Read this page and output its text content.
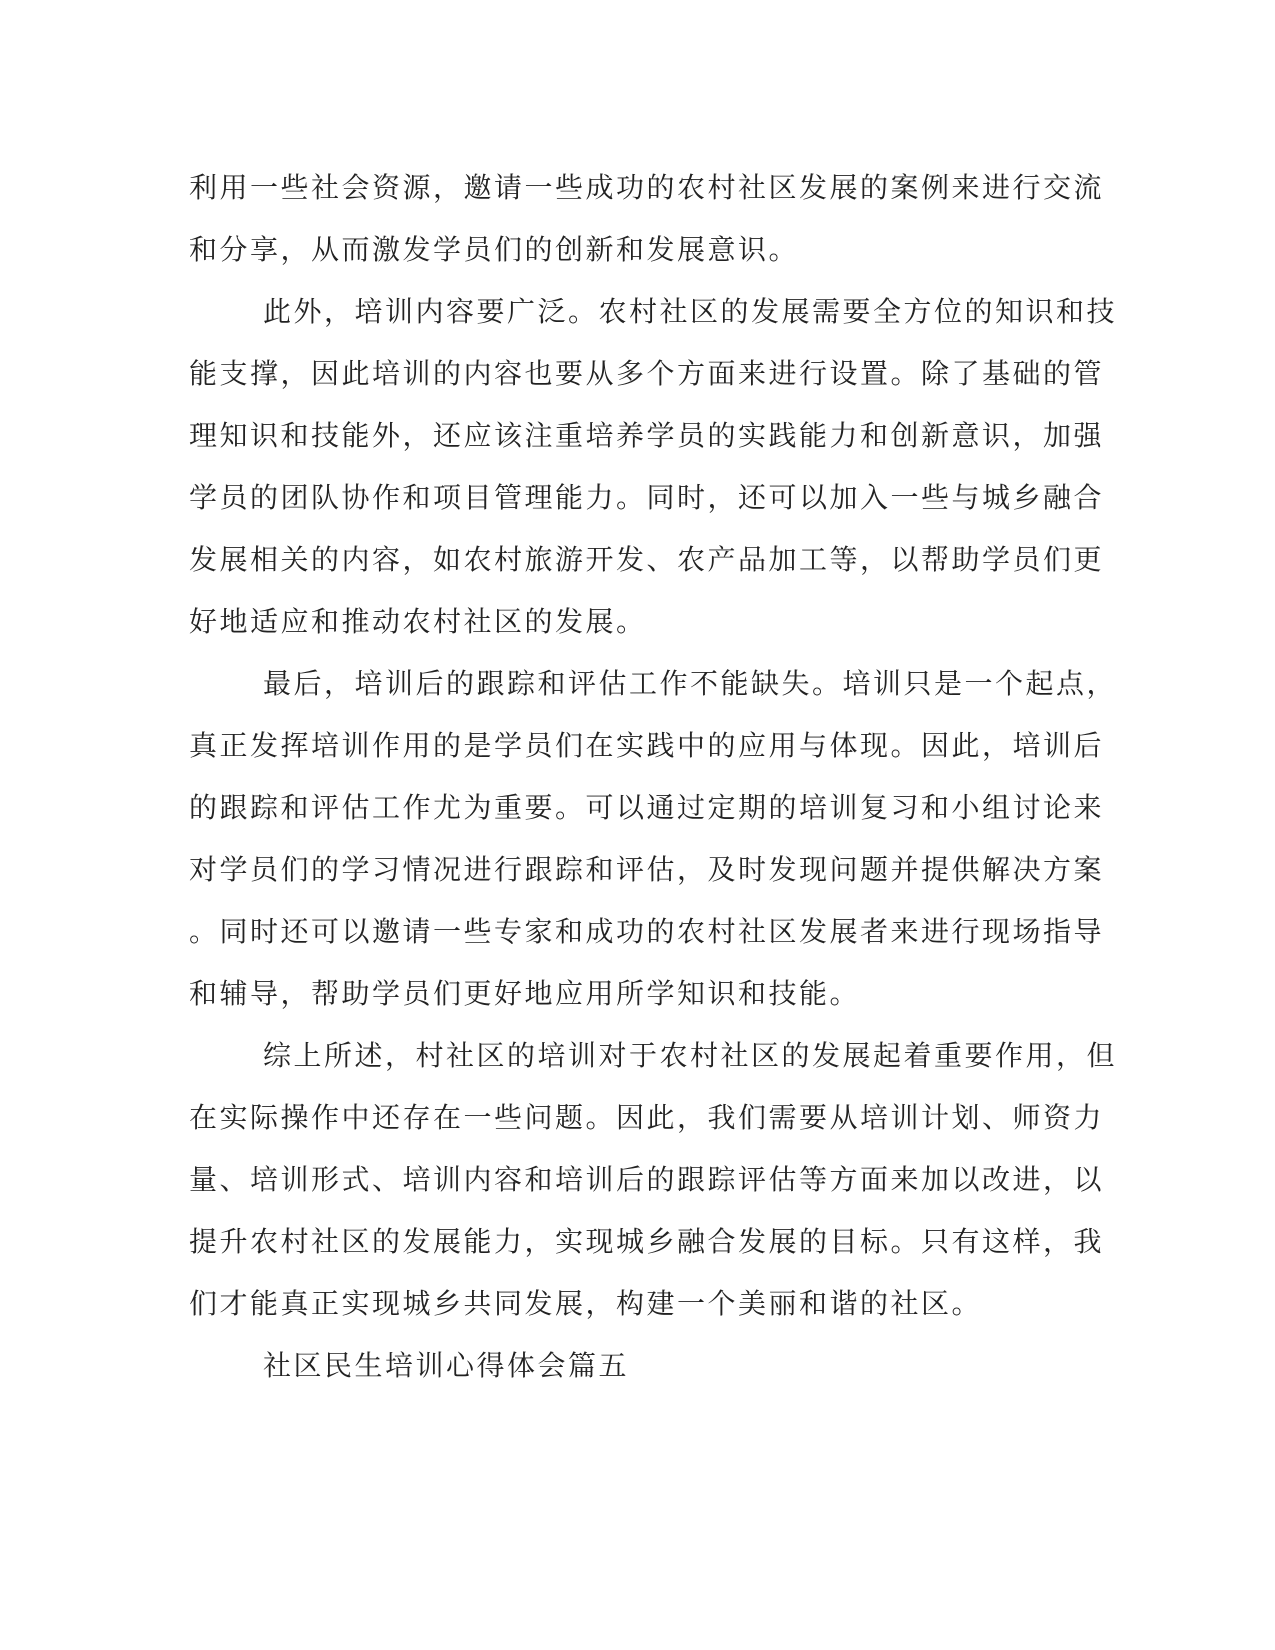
利用一些社会资源，邀请一些成功的农村社区发展的案例来进行交流
和分享，从而激发学员们的创新和发展意识。

此外，培训内容要广泛。农村社区的发展需要全方位的知识和技
能支撑，因此培训的内容也要从多个方面来进行设置。除了基础的管
理知识和技能外，还应该注重培养学员的实践能力和创新意识，加强
学员的团队协作和项目管理能力。同时，还可以加入一些与城乡融合
发展相关的内容，如农村旅游开发、农产品加工等，以帮助学员们更
好地适应和推动农村社区的发展。

最后，培训后的跟踪和评估工作不能缺失。培训只是一个起点，
真正发挥培训作用的是学员们在实践中的应用与体现。因此，培训后
的跟踪和评估工作尤为重要。可以通过定期的培训复习和小组讨论来
对学员们的学习情况进行跟踪和评估，及时发现问题并提供解决方案
。同时还可以邀请一些专家和成功的农村社区发展者来进行现场指导
和辅导，帮助学员们更好地应用所学知识和技能。

综上所述，村社区的培训对于农村社区的发展起着重要作用，但
在实际操作中还存在一些问题。因此，我们需要从培训计划、师资力
量、培训形式、培训内容和培训后的跟踪评估等方面来加以改进，以
提升农村社区的发展能力，实现城乡融合发展的目标。只有这样，我
们才能真正实现城乡共同发展，构建一个美丽和谐的社区。

社区民生培训心得体会篇五
